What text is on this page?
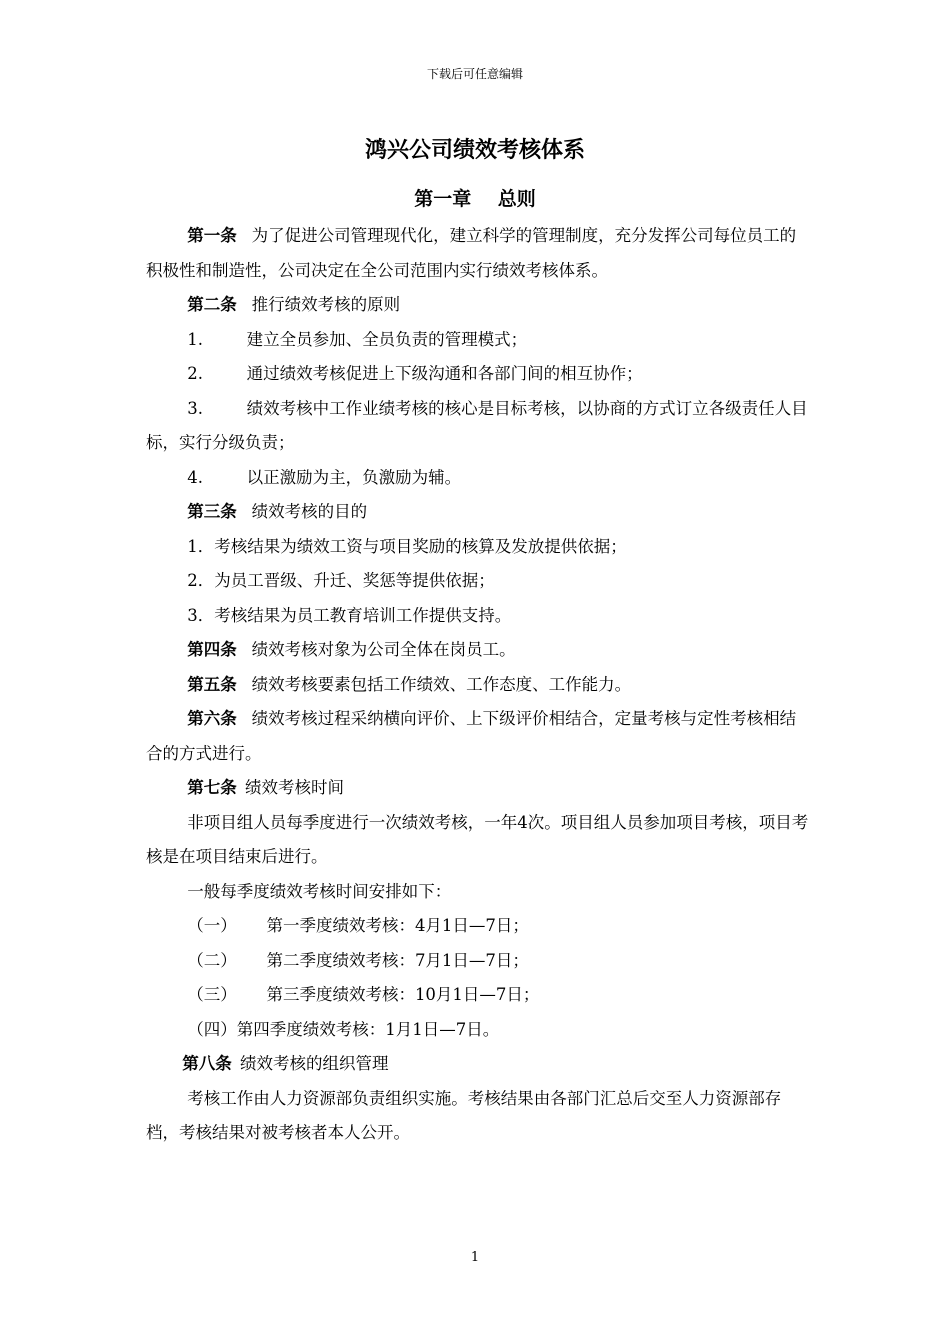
下载后可任意编辑
鸿兴公司绩效考核体系
第一章    总则

第一条 为了促进公司管理现代化，建立科学的管理制度，充分发挥公司每位员工的积极性和制造性，公司决定在全公司范围内实行绩效考核体系。

第二条 推行绩效考核的原则

1.	建立全员参加、全员负责的管理模式；

2.	通过绩效考核促进上下级沟通和各部门间的相互协作；

3.	绩效考核中工作业绩考核的核心是目标考核，以协商的方式订立各级责任人目标，实行分级负责；

4.	以正激励为主，负激励为辅。

第三条 绩效考核的目的

1．考核结果为绩效工资与项目奖励的核算及发放提供依据；

2．为员工晋级、升迁、奖惩等提供依据；

3．考核结果为员工教育培训工作提供支持。

第四条 绩效考核对象为公司全体在岗员工。

第五条 绩效考核要素包括工作绩效、工作态度、工作能力。

第六条 绩效考核过程采纳横向评价、上下级评价相结合，定量考核与定性考核相结合的方式进行。

第七条 绩效考核时间

非项目组人员每季度进行一次绩效考核，一年4次。项目组人员参加项目考核，项目考核是在项目结束后进行。

一般每季度绩效考核时间安排如下：

（一） 第一季度绩效考核：4月1日—7日；

（二） 第二季度绩效考核：7月1日—7日；

（三） 第三季度绩效考核：10月1日—7日；

（四）第四季度绩效考核：1月1日—7日。

第八条 绩效考核的组织管理

考核工作由人力资源部负责组织实施。考核结果由各部门汇总后交至人力资源部存档，考核结果对被考核者本人公开。

1
